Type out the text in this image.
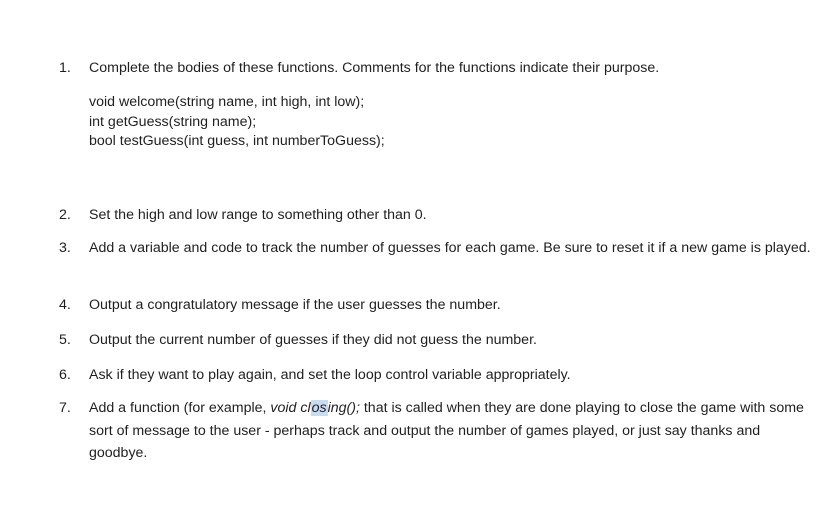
1. Complete the bodies of these functions. Comments for the functions indicate their purpose.
void welcome(string name, int high, int low);
int getGuess(string name);
bool testGuess(int guess, int numberToGuess);
2. Set the high and low range to something other than 0.
3. Add a variable and code to track the number of guesses for each game. Be sure to reset it if a new game is played.
4. Output a congratulatory message if the user guesses the number.
5. Output the current number of guesses if they did not guess the number.
6. Ask if they want to play again, and set the loop control variable appropriately.
7. Add a function (for example, void closing(); that is called when they are done playing to close the game with some sort of message to the user - perhaps track and output the number of games played, or just say thanks and goodbye.
